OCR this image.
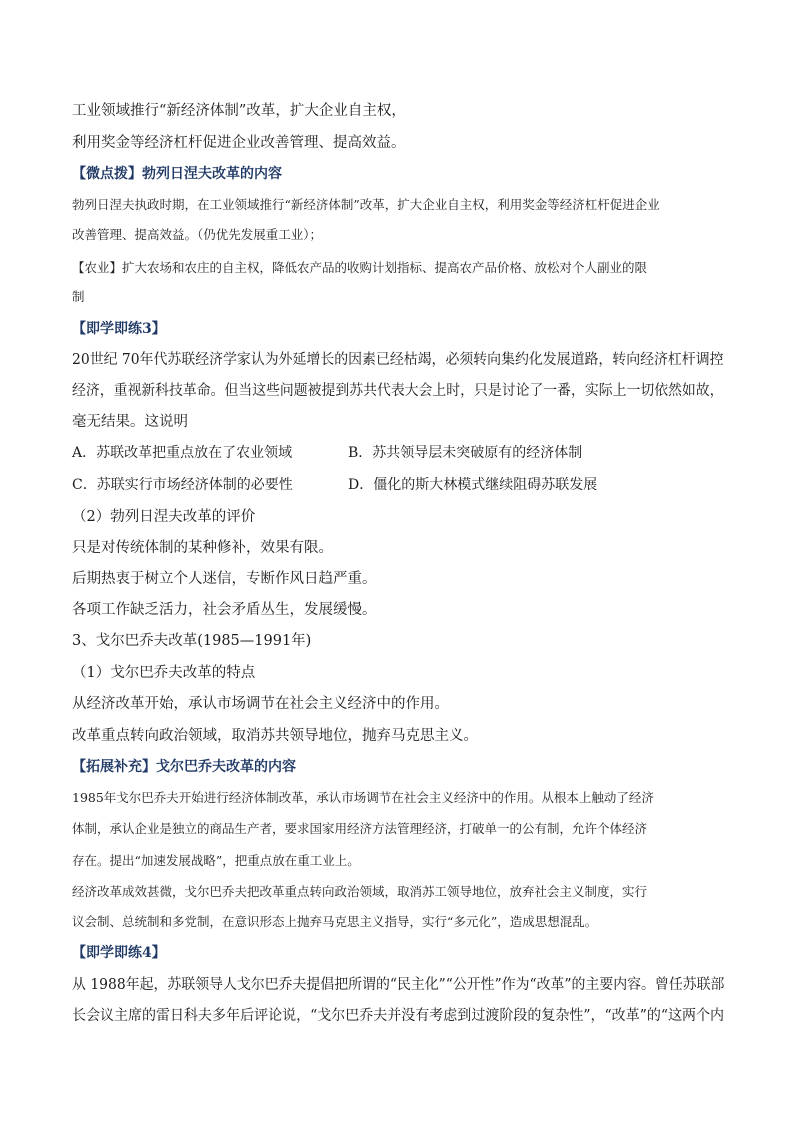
工业领域推行“新经济体制”改革，扩大企业自主权，
利用奖金等经济杠杆促进企业改善管理、提高效益。
【微点拨】勃列日涅夫改革的内容
勃列日涅夫执政时期，在工业领域推行“新经济体制”改革，扩大企业自主权，利用奖金等经济杠杆促进企业
改善管理、提高效益。（仍优先发展重工业）；
【农业】扩大农场和农庄的自主权，降低农产品的收购计划指标、提高农产品价格、放松对个人副业的限
制
【即学即练3】
20世纪 70年代苏联经济学家认为外延增长的因素已经枯竭，必须转向集约化发展道路，转向经济杠杆调控
经济，重视新科技革命。但当这些问题被提到苏共代表大会上时，只是讨论了一番，实际上一切依然如故，
毫无结果。这说明
A．苏联改革把重点放在了农业领域	B．苏共领导层未突破原有的经济体制
C．苏联实行市场经济体制的必要性	D．僵化的斯大林模式继续阻碍苏联发展
（2）勃列日涅夫改革的评价
只是对传统体制的某种修补，效果有限。
后期热衷于树立个人迷信，专断作风日趋严重。
各项工作缺乏活力，社会矛盾丛生，发展缓慢。
3、戈尔巴乔夫改革(1985—1991年)
（1）戈尔巴乔夫改革的特点
从经济改革开始，承认市场调节在社会主义经济中的作用。
改革重点转向政治领域，取消苏共领导地位，抛弃马克思主义。
【拓展补充】戈尔巴乔夫改革的内容
1985年戈尔巴乔夫开始进行经济体制改革，承认市场调节在社会主义经济中的作用。从根本上触动了经济
体制，承认企业是独立的商品生产者，要求国家用经济方法管理经济，打破单一的公有制，允许个体经济
存在。提出“加速发展战略”，把重点放在重工业上。
经济改革成效甚微，戈尔巴乔夫把改革重点转向政治领域，取消苏工领导地位，放弃社会主义制度，实行
议会制、总统制和多党制，在意识形态上抛弃马克思主义指导，实行“多元化”，造成思想混乱。
【即学即练4】
从 1988年起，苏联领导人戈尔巴乔夫提倡把所谓的“民主化”“公开性”作为“改革”的主要内容。曾任苏联部
长会议主席的雷日科夫多年后评论说，“戈尔巴乔夫并没有考虑到过渡阶段的复杂性”，“改革”的“这两个内
